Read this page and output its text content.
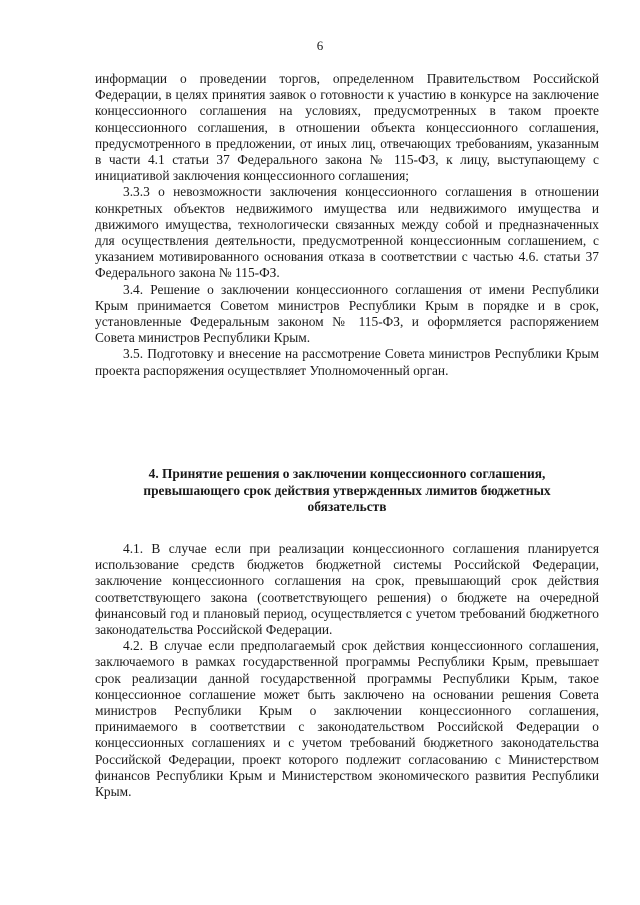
6

информации о проведении торгов, определенном Правительством Российской Федерации, в целях принятия заявок о готовности к участию в конкурсе на заключение концессионного соглашения на условиях, предусмотренных в таком проекте концессионного соглашения, в отношении объекта концессионного соглашения, предусмотренного в предложении, от иных лиц, отвечающих требованиям, указанным в части 4.1 статьи 37 Федерального закона № 115-ФЗ, к лицу, выступающему с инициативой заключения концессионного соглашения;

3.3.3 о невозможности заключения концессионного соглашения в отношении конкретных объектов недвижимого имущества или недвижимого имущества и движимого имущества, технологически связанных между собой и предназначенных для осуществления деятельности, предусмотренной концессионным соглашением, с указанием мотивированного основания отказа в соответствии с частью 4.6. статьи 37 Федерального закона № 115-ФЗ.

3.4. Решение о заключении концессионного соглашения от имени Республики Крым принимается Советом министров Республики Крым в порядке и в срок, установленные Федеральным законом № 115-ФЗ, и оформляется распоряжением Совета министров Республики Крым.

3.5. Подготовку и внесение на рассмотрение Совета министров Республики Крым проекта распоряжения осуществляет Уполномоченный орган.

4. Принятие решения о заключении концессионного соглашения, превышающего срок действия утвержденных лимитов бюджетных обязательств

4.1. В случае если при реализации концессионного соглашения планируется использование средств бюджетов бюджетной системы Российской Федерации, заключение концессионного соглашения на срок, превышающий срок действия соответствующего закона (соответствующего решения) о бюджете на очередной финансовый год и плановый период, осуществляется с учетом требований бюджетного законодательства Российской Федерации.

4.2. В случае если предполагаемый срок действия концессионного соглашения, заключаемого в рамках государственной программы Республики Крым, превышает срок реализации данной государственной программы Республики Крым, такое концессионное соглашение может быть заключено на основании решения Совета министров Республики Крым о заключении концессионного соглашения, принимаемого в соответствии с законодательством Российской Федерации о концессионных соглашениях и с учетом требований бюджетного законодательства Российской Федерации, проект которого подлежит согласованию с Министерством финансов Республики Крым и Министерством экономического развития Республики Крым.
